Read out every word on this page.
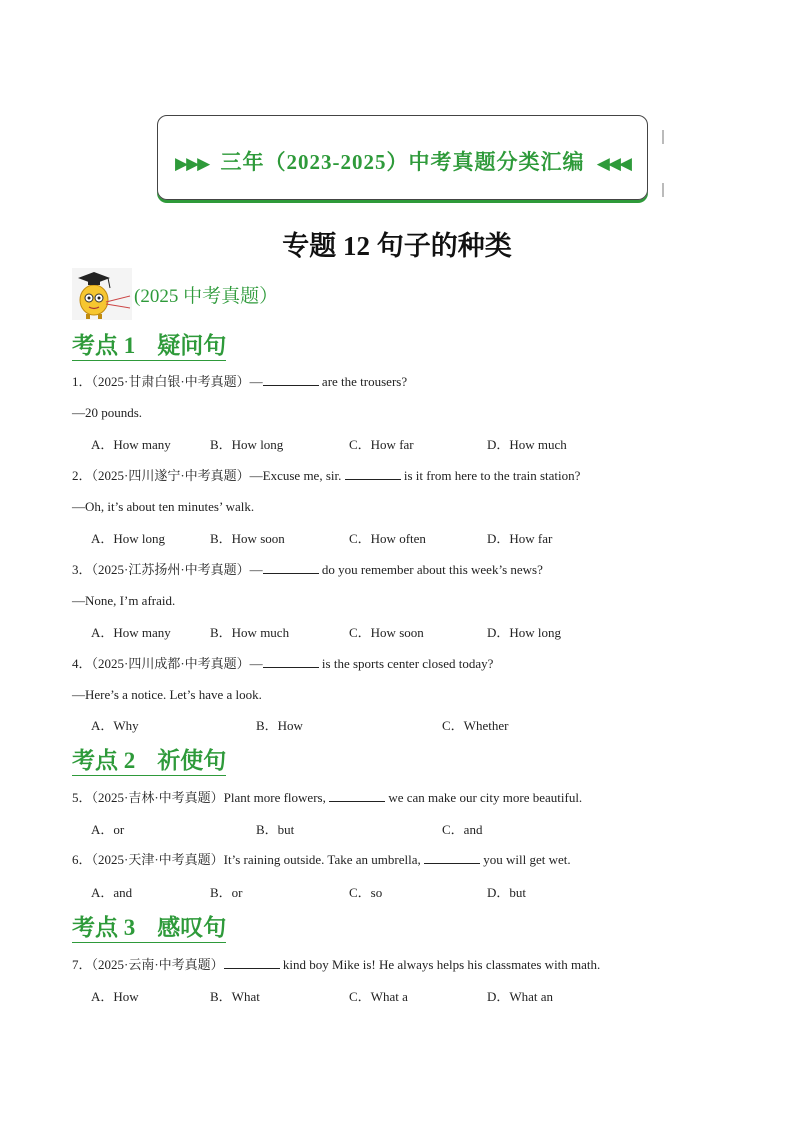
▶▶▶ 三年（2023-2025）中考真题分类汇编 ◀◀◀
专题 12 句子的种类
(2025 中考真题）
考点 1 疑问句
1．（2025·甘肃白银·中考真题）—	are the trousers?
—20 pounds.
A．How many	B．How long	C．How far	D．How much
2．（2025·四川遂宁·中考真题）—Excuse me, sir.	is it from here to the train station?
—Oh, it’s about ten minutes’ walk.
A．How long	B．How soon	C．How often	D．How far
3．（2025·江苏扬州·中考真题）—	do you remember about this week’s news?
—None, I’m afraid.
A．How many	B．How much	C．How soon	D．How long
4．（2025·四川成都·中考真题）—	is the sports center closed today?
—Here’s a notice. Let’s have a look.
A．Why	B．How	C．Whether
考点 2 祈使句
5．（2025·吉林·中考真题）Plant more flowers,	we can make our city more beautiful.
A．or	B．but	C．and
6．（2025·天津·中考真题）It’s raining outside. Take an umbrella,	you will get wet.
A．and	B．or	C．so	D．but
考点 3 感叹句
7．（2025·云南·中考真题）	kind boy Mike is! He always helps his classmates with math.
A．How	B．What	C．What a	D．What an
